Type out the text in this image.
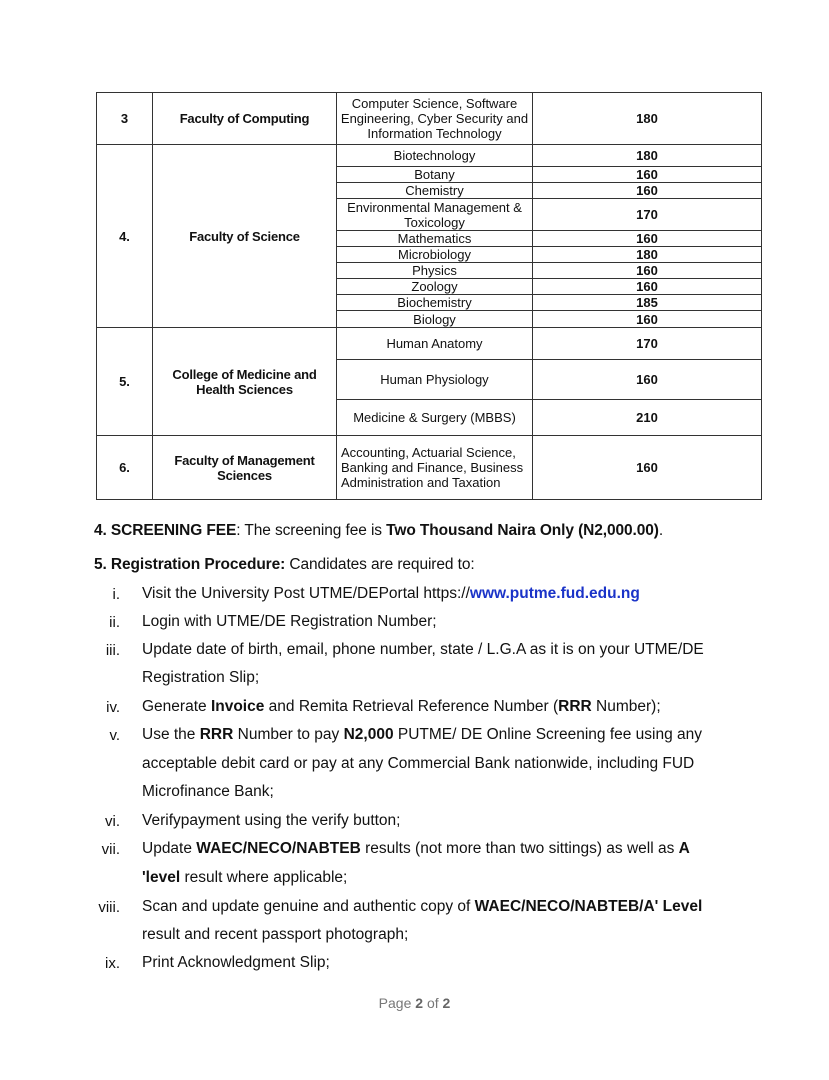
3	Faculty of Computing	Computer Science, Software Engineering, Cyber Security and Information Technology	180
4.	Faculty of Science	Biotechnology	180
		Botany	160
		Chemistry	160
		Environmental Management & Toxicology	170
		Mathematics	160
		Microbiology	180
		Physics	160
		Zoology	160
		Biochemistry	185
		Biology	160
5.	College of Medicine and Health Sciences	Human Anatomy	170
		Human Physiology	160
		Medicine & Surgery (MBBS)	210
6.	Faculty of Management Sciences	Accounting, Actuarial Science, Banking and Finance, Business Administration and Taxation	160
4. SCREENING FEE: The screening fee is Two Thousand Naira Only (N2,000.00).
5. Registration Procedure: Candidates are required to:
i. Visit the University Post UTME/DEPortal https://www.putme.fud.edu.ng
ii. Login with UTME/DE Registration Number;
iii. Update date of birth, email, phone number, state / L.G.A as it is on your UTME/DE
Registration Slip;
iv. Generate Invoice and Remita Retrieval Reference Number (RRR Number);
v. Use the RRR Number to pay N2,000 PUTME/ DE Online Screening fee using any
acceptable debit card or pay at any Commercial Bank nationwide, including FUD
Microfinance Bank;
vi. Verifypayment using the verify button;
vii. Update WAEC/NECO/NABTEB results (not more than two sittings) as well as A
'level result where applicable;
viii. Scan and update genuine and authentic copy of WAEC/NECO/NABTEB/A' Level
result and recent passport photograph;
ix. Print Acknowledgment Slip;
Page 2 of 2
